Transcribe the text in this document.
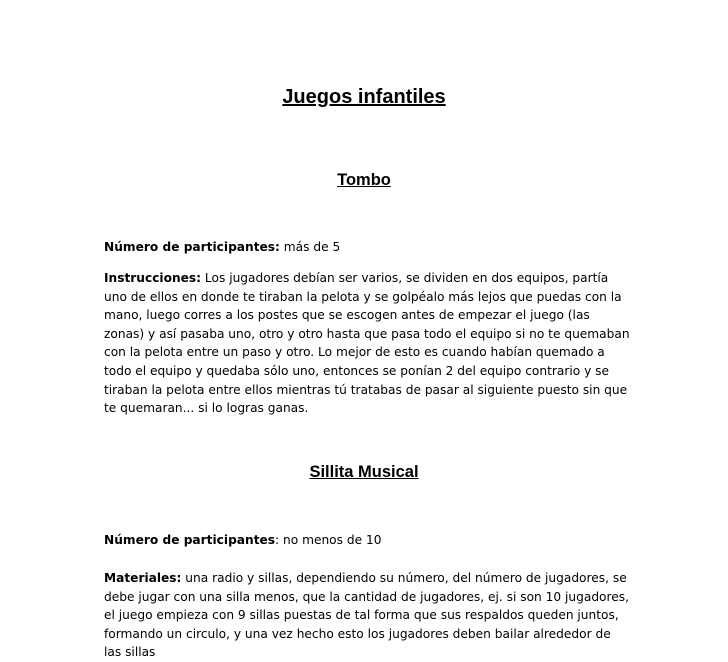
Juegos infantiles
Tombo

Número de participantes: más de 5

Instrucciones: Los jugadores debían ser varios, se dividen en dos equipos, partía uno de ellos en donde te tiraban la pelota y se golpéalo más lejos que puedas con la mano, luego corres a los postes que se escogen antes de empezar el juego (las zonas) y así pasaba uno, otro y otro hasta que pasa todo el equipo si no te quemaban con la pelota entre un paso y otro. Lo mejor de esto es cuando habían quemado a todo el equipo y quedaba sólo uno, entonces se ponían 2 del equipo contrario y se tiraban la pelota entre ellos mientras tú tratabas de pasar al siguiente puesto sin que te quemaran... si lo logras ganas.

Sillita Musical

Número de participantes: no menos de 10

Materiales: una radio y sillas, dependiendo su número, del número de jugadores, se debe jugar con una silla menos, que la cantidad de jugadores, ej. si son 10 jugadores, el juego empieza con 9 sillas puestas de tal forma que sus respaldos queden juntos, formando un circulo, y una vez hecho esto los jugadores deben bailar alrededor de las sillas
